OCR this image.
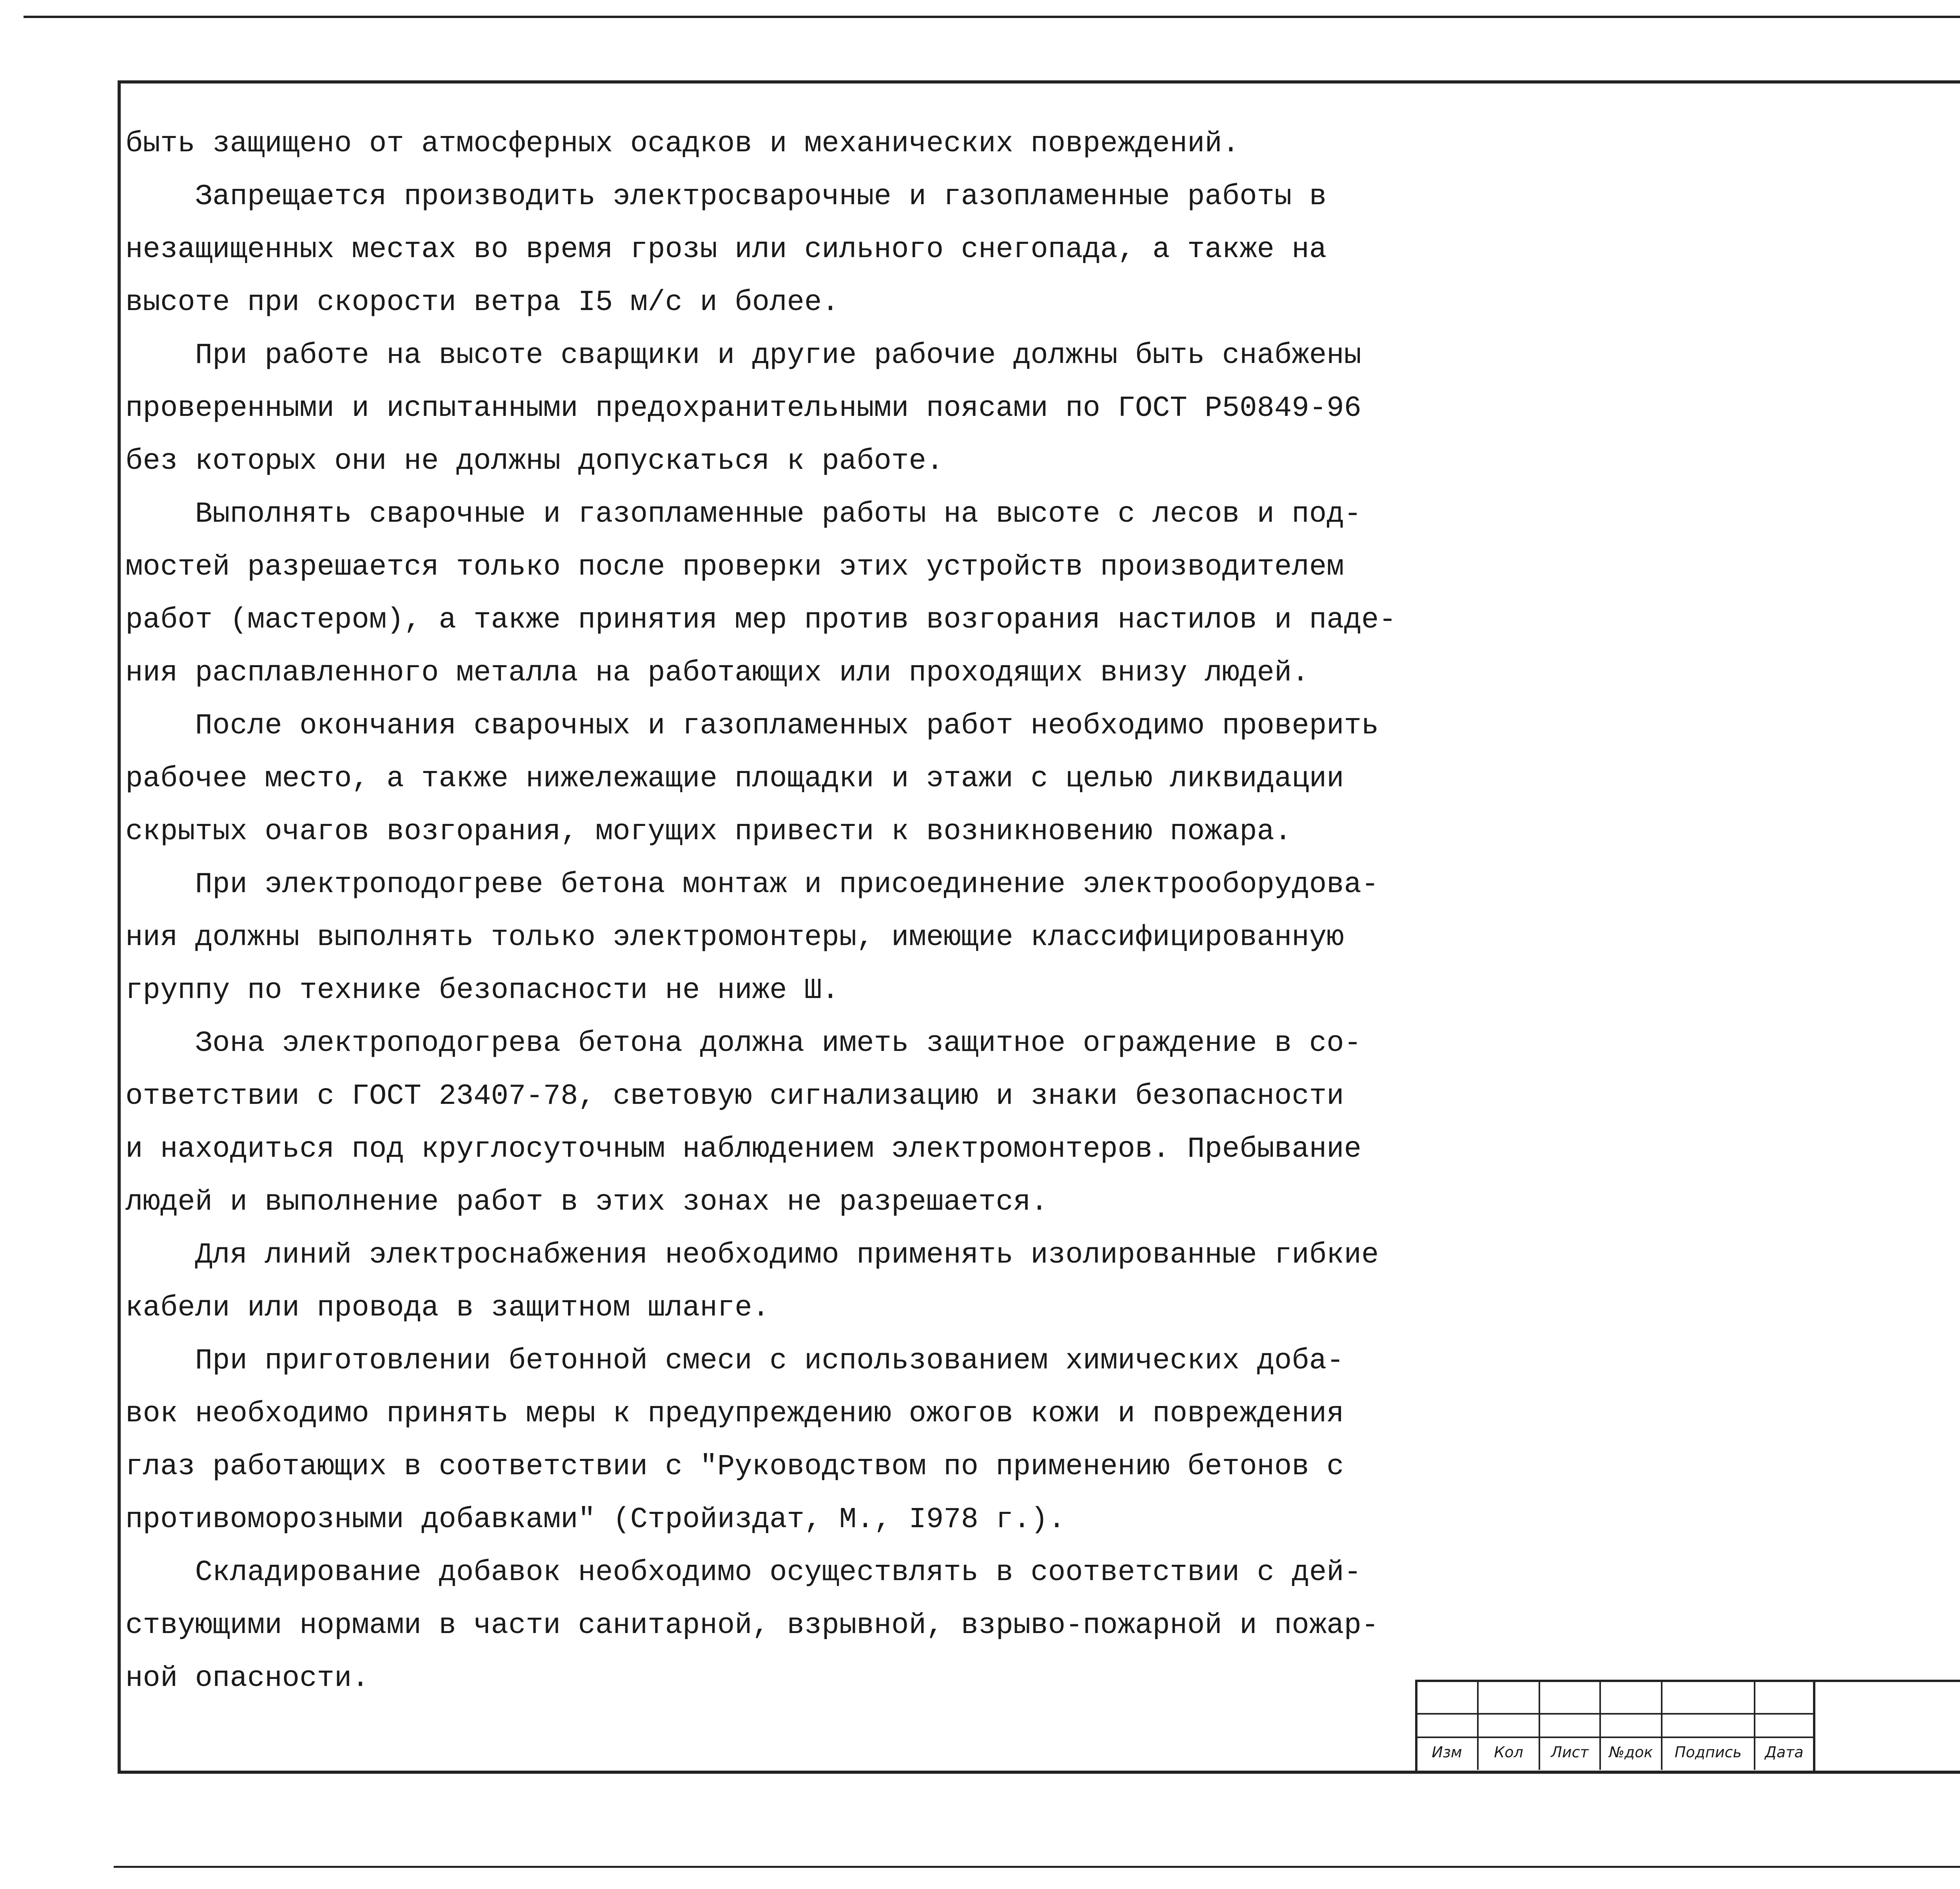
быть защищено от атмосферных осадков и механических повреждений.
Запрещается производить электросварочные и газопламенные работы в
незащищенных местах во время грозы или сильного снегопада, а также на
высоте при скорости ветра I5 м/с и более.
При работе на высоте сварщики и другие рабочие должны быть снабжены
проверенными и испытанными предохранительными поясами по ГОСТ Р50849-96
без которых они не должны допускаться к работе.
Выполнять сварочные и газопламенные работы на высоте с лесов и под-
мостей разрешается только после проверки этих устройств производителем
работ (мастером), а также принятия мер против возгорания настилов и паде-
ния расплавленного металла на работающих или проходящих внизу людей.
После окончания сварочных и газопламенных работ необходимо проверить
рабочее место, а также нижележащие площадки и этажи с целью ликвидации
скрытых очагов возгорания, могущих привести к возникновению пожара.
При электроподогреве бетона монтаж и присоединение электрооборудова-
ния должны выполнять только электромонтеры, имеющие классифицированную
группу по технике безопасности не ниже Ш.
Зона электроподогрева бетона должна иметь защитное ограждение в со-
ответствии с ГОСТ 23407-78, световую сигнализацию и знаки безопасности
и находиться под круглосуточным наблюдением электромонтеров. Пребывание
людей и выполнение работ в этих зонах не разрешается.
Для линий электроснабжения необходимо применять изолированные гибкие
кабели или провода в защитном шланге.
При приготовлении бетонной смеси с использованием химических доба-
вок необходимо принять меры к предупреждению ожогов кожи и повреждения
глаз работающих в соответствии с "Руководством по применению бетонов с
противоморозными добавками" (Стройиздат, М., I978 г.).
Складирование добавок необходимо осуществлять в соответствии с дей-
ствующими нормами в части санитарной, взрывной, взрыво-пожарной и пожар-
ной опасности.
Изм	Кол	Лист	№док	Подпись	Дата
